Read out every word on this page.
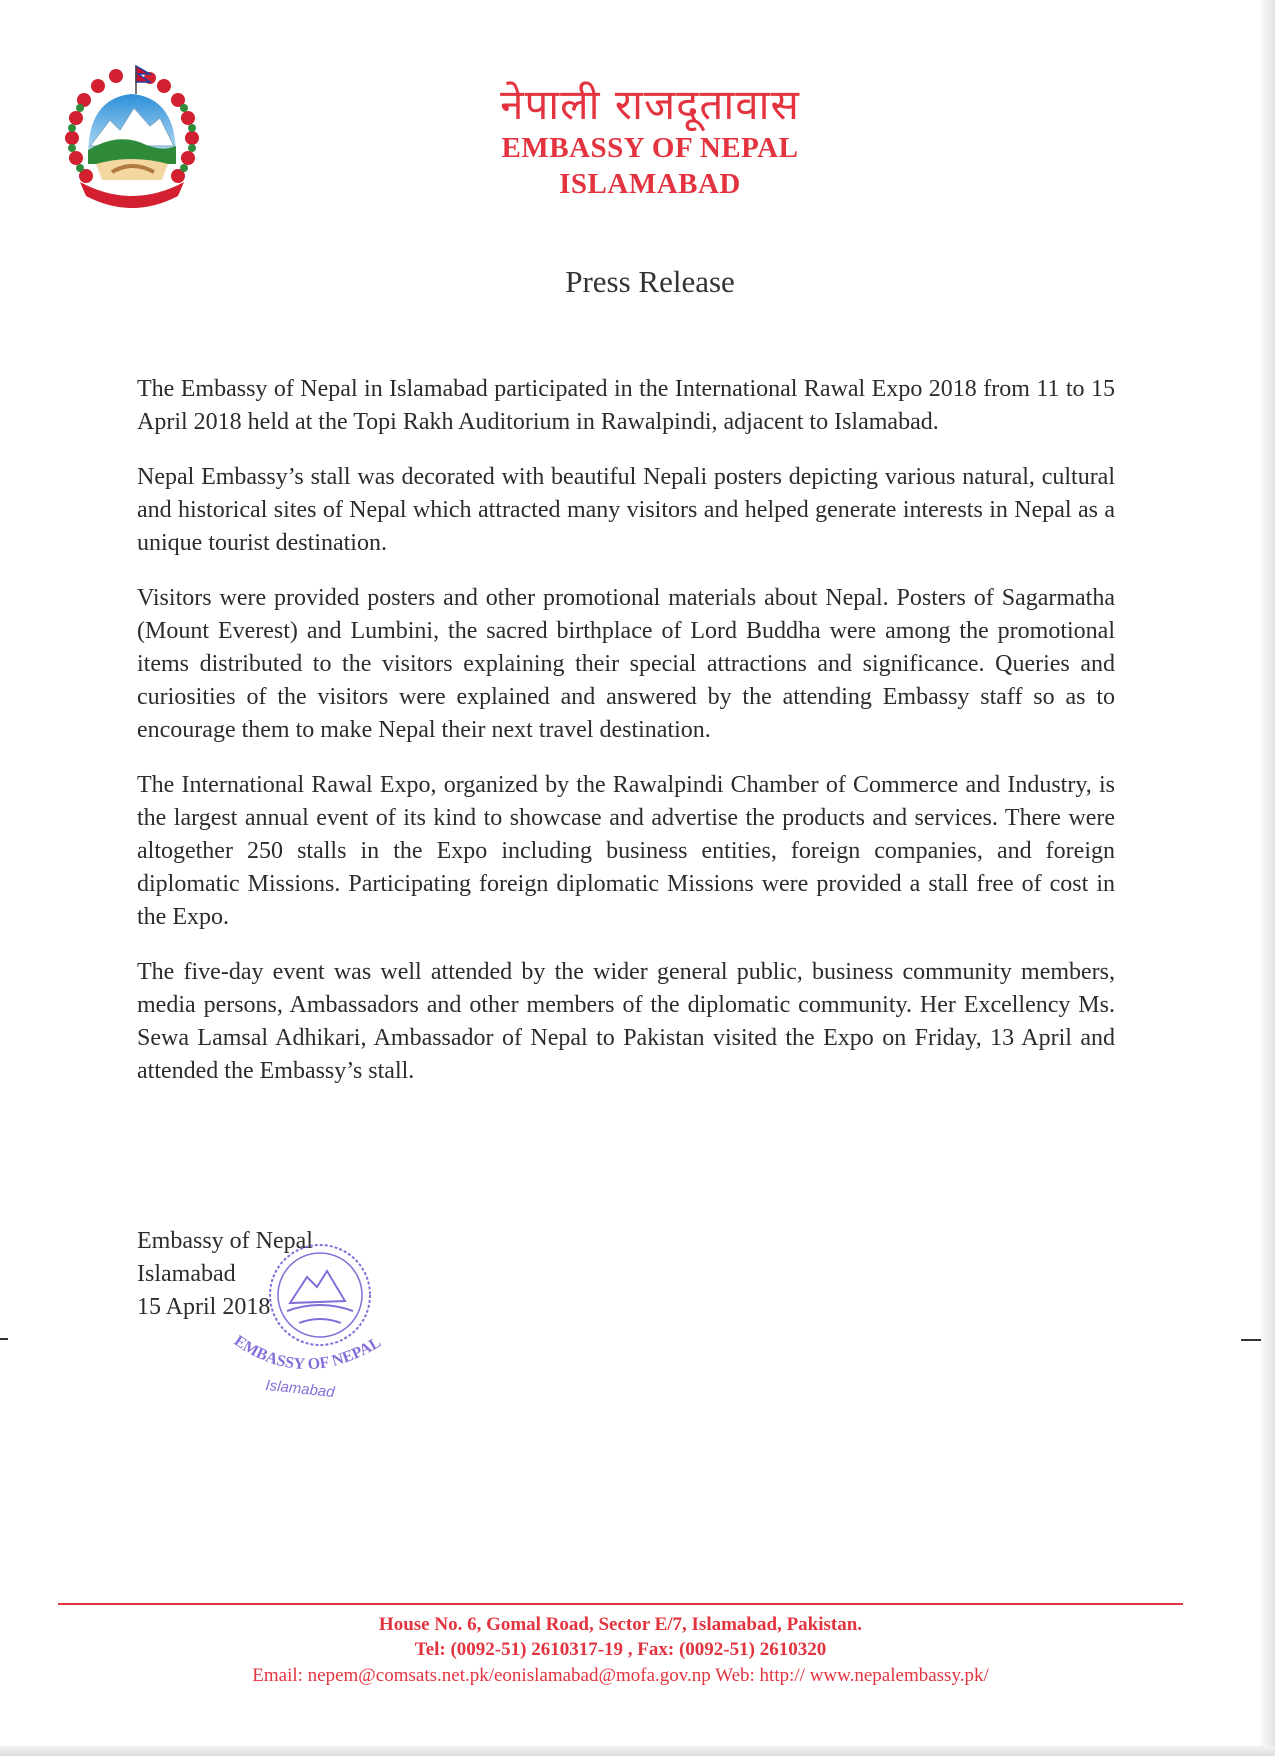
नेपाली राजदूतावास
EMBASSY OF NEPAL
ISLAMABAD
Press Release

The Embassy of Nepal in Islamabad participated in the International Rawal Expo 2018 from 11 to 15 April 2018 held at the Topi Rakh Auditorium in Rawalpindi, adjacent to Islamabad.

Nepal Embassy’s stall was decorated with beautiful Nepali posters depicting various natural, cultural and historical sites of Nepal which attracted many visitors and helped generate interests in Nepal as a unique tourist destination.

Visitors were provided posters and other promotional materials about Nepal. Posters of Sagarmatha (Mount Everest) and Lumbini, the sacred birthplace of Lord Buddha were among the promotional items distributed to the visitors explaining their special attractions and significance. Queries and curiosities of the visitors were explained and answered by the attending Embassy staff so as to encourage them to make Nepal their next travel destination.

The International Rawal Expo, organized by the Rawalpindi Chamber of Commerce and Industry, is the largest annual event of its kind to showcase and advertise the products and services. There were altogether 250 stalls in the Expo including business entities, foreign companies, and foreign diplomatic Missions. Participating foreign diplomatic Missions were provided a stall free of cost in the Expo.

The five-day event was well attended by the wider general public, business community members, media persons, Ambassadors and other members of the diplomatic community. Her Excellency Ms. Sewa Lamsal Adhikari, Ambassador of Nepal to Pakistan visited the Expo on Friday, 13 April and attended the Embassy’s stall.

Embassy of Nepal
Islamabad
15 April 2018
EMBASSY OF NEPAL
Islamabad
House No. 6, Gomal Road, Sector E/7, Islamabad, Pakistan.
Tel: (0092-51) 2610317-19 , Fax: (0092-51) 2610320
Email: nepem@comsats.net.pk/eonislamabad@mofa.gov.np Web: http:// www.nepalembassy.pk/
